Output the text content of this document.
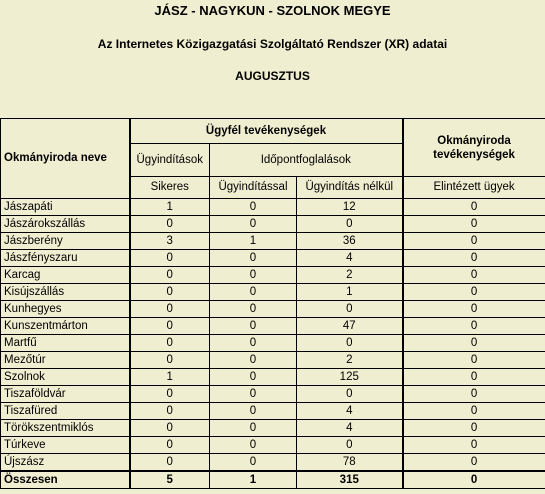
JÁSZ - NAGYKUN - SZOLNOK MEGYE
Az Internetes Közigazgatási Szolgáltató Rendszer (XR) adatai
AUGUSZTUS
Okmányiroda neve	Ügyfél tevékenységek			Okmányiroda tevékenységek
	Ügyindítások	Időpontfoglalások		
	Sikeres	Ügyindítással	Ügyindítás nélkül	Elintézett ügyek
Jászapáti	1	0	12	0
Jászárokszállás	0	0	0	0
Jászberény	3	1	36	0
Jászfényszaru	0	0	4	0
Karcag	0	0	2	0
Kisújszállás	0	0	1	0
Kunhegyes	0	0	0	0
Kunszentmárton	0	0	47	0
Martfű	0	0	0	0
Mezőtúr	0	0	2	0
Szolnok	1	0	125	0
Tiszaföldvár	0	0	0	0
Tiszafüred	0	0	4	0
Törökszentmiklós	0	0	4	0
Túrkeve	0	0	0	0
Újszász	0	0	78	0
Összesen	5	1	315	0
